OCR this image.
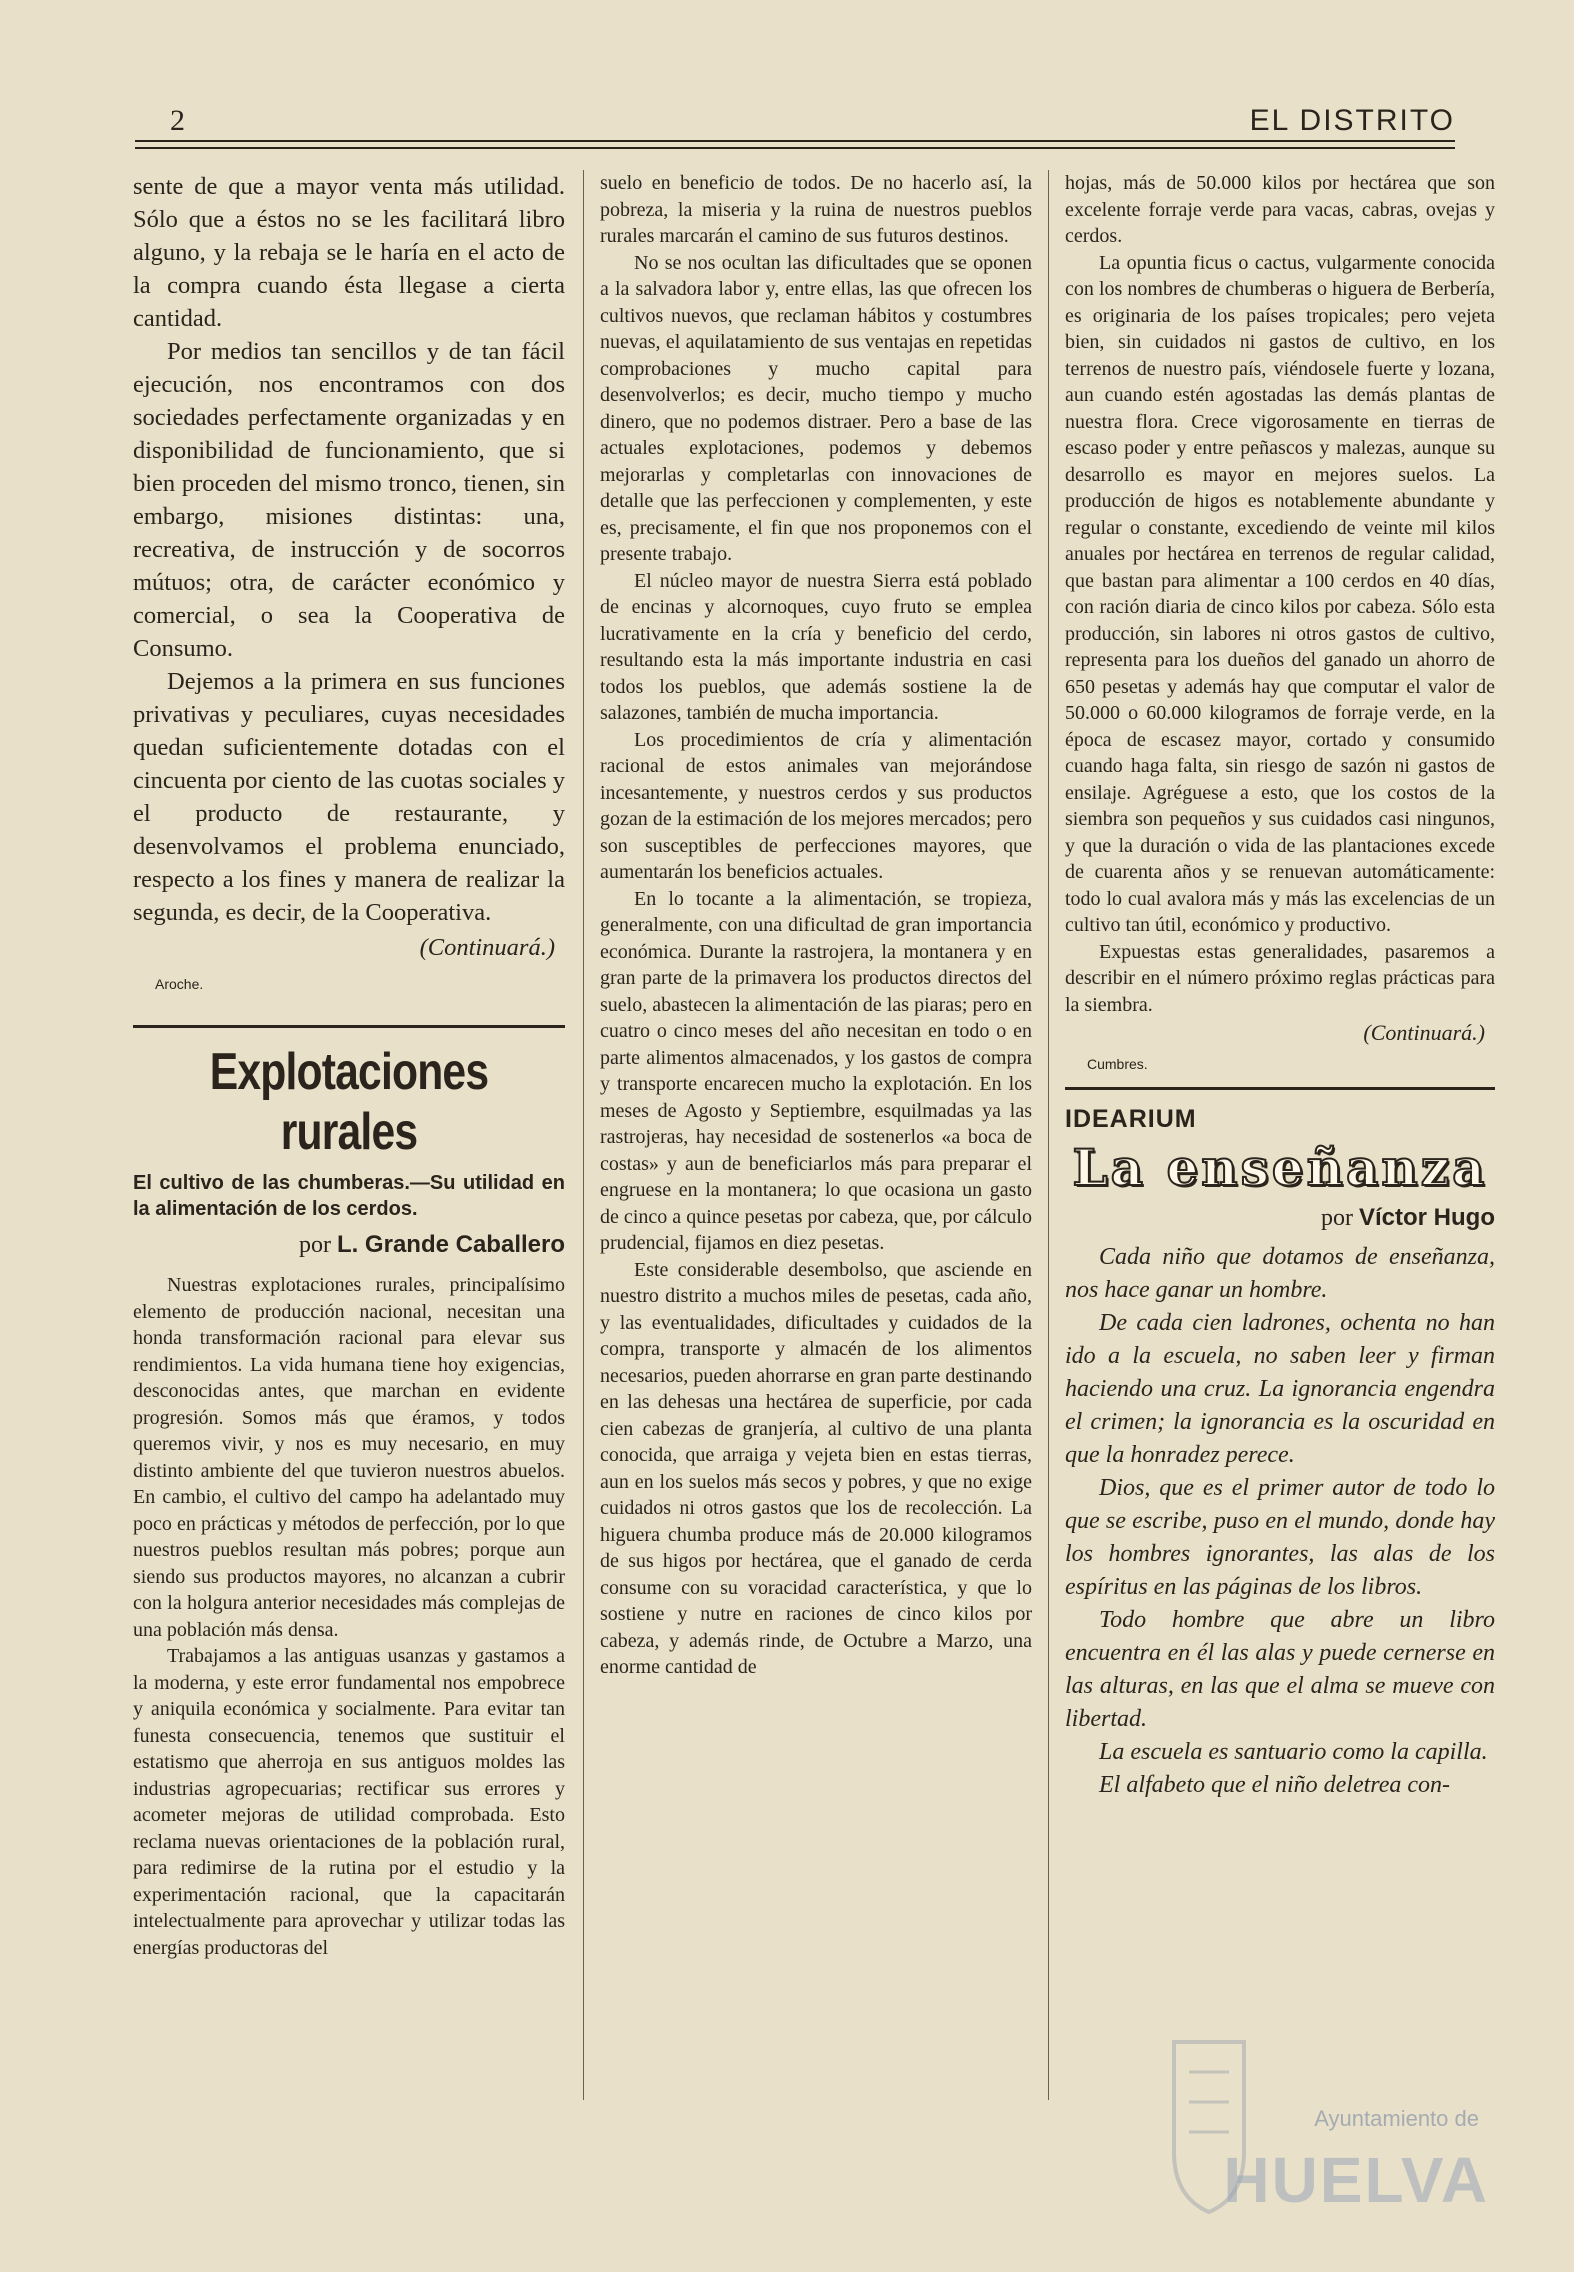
2	EL DISTRITO

sente de que a mayor venta más utilidad. Sólo que a éstos no se les facilitará libro alguno, y la rebaja se le haría en el acto de la compra cuando ésta llegase a cierta cantidad.

Por medios tan sencillos y de tan fácil ejecución, nos encontramos con dos sociedades perfectamente organizadas y en disponibilidad de funcionamiento, que si bien proceden del mismo tronco, tienen, sin embargo, misiones distintas: una, recreativa, de instrucción y de socorros mútuos; otra, de carácter económico y comercial, o sea la Cooperativa de Consumo.

Dejemos a la primera en sus funciones privativas y peculiares, cuyas necesidades quedan suficientemente dotadas con el cincuenta por ciento de las cuotas sociales y el producto de restaurante, y desenvolvamos el problema enunciado, respecto a los fines y manera de realizar la segunda, es decir, de la Cooperativa.

(Continuará.)
Aroche.
Explotaciones rurales
El cultivo de las chumberas.—Su utilidad en la alimentación de los cerdos.
por L. Grande Caballero

Nuestras explotaciones rurales, principalísimo elemento de producción nacional, necesitan una honda transformación racional para elevar sus rendimientos. La vida humana tiene hoy exigencias, desconocidas antes, que marchan en evidente progresión. Somos más que éramos, y todos queremos vivir, y nos es muy necesario, en muy distinto ambiente del que tuvieron nuestros abuelos. En cambio, el cultivo del campo ha adelantado muy poco en prácticas y métodos de perfección, por lo que nuestros pueblos resultan más pobres; porque aun siendo sus productos mayores, no alcanzan a cubrir con la holgura anterior necesidades más complejas de una población más densa.

Trabajamos a las antiguas usanzas y gastamos a la moderna, y este error fundamental nos empobrece y aniquila económica y socialmente. Para evitar tan funesta consecuencia, tenemos que sustituir el estatismo que aherroja en sus antiguos moldes las industrias agropecuarias; rectificar sus errores y acometer mejoras de utilidad comprobada. Esto reclama nuevas orientaciones de la población rural, para redimirse de la rutina por el estudio y la experimentación racional, que la capacitarán intelectualmente para aprovechar y utilizar todas las energías productoras del

suelo en beneficio de todos. De no hacerlo así, la pobreza, la miseria y la ruina de nuestros pueblos rurales marcarán el camino de sus futuros destinos.

No se nos ocultan las dificultades que se oponen a la salvadora labor y, entre ellas, las que ofrecen los cultivos nuevos, que reclaman hábitos y costumbres nuevas, el aquilatamiento de sus ventajas en repetidas comprobaciones y mucho capital para desenvolverlos; es decir, mucho tiempo y mucho dinero, que no podemos distraer. Pero a base de las actuales explotaciones, podemos y debemos mejorarlas y completarlas con innovaciones de detalle que las perfeccionen y complementen, y este es, precisamente, el fin que nos proponemos con el presente trabajo.

El núcleo mayor de nuestra Sierra está poblado de encinas y alcornoques, cuyo fruto se emplea lucrativamente en la cría y beneficio del cerdo, resultando esta la más importante industria en casi todos los pueblos, que además sostiene la de salazones, también de mucha importancia.

Los procedimientos de cría y alimentación racional de estos animales van mejorándose incesantemente, y nuestros cerdos y sus productos gozan de la estimación de los mejores mercados; pero son susceptibles de perfecciones mayores, que aumentarán los beneficios actuales.

En lo tocante a la alimentación, se tropieza, generalmente, con una dificultad de gran importancia económica. Durante la rastrojera, la montanera y en gran parte de la primavera los productos directos del suelo, abastecen la alimentación de las piaras; pero en cuatro o cinco meses del año necesitan en todo o en parte alimentos almacenados, y los gastos de compra y transporte encarecen mucho la explotación. En los meses de Agosto y Septiembre, esquilmadas ya las rastrojeras, hay necesidad de sostenerlos «a boca de costas» y aun de beneficiarlos más para preparar el engruese en la montanera; lo que ocasiona un gasto de cinco a quince pesetas por cabeza, que, por cálculo prudencial, fijamos en diez pesetas.

Este considerable desembolso, que asciende en nuestro distrito a muchos miles de pesetas, cada año, y las eventualidades, dificultades y cuidados de la compra, transporte y almacén de los alimentos necesarios, pueden ahorrarse en gran parte destinando en las dehesas una hectárea de superficie, por cada cien cabezas de granjería, al cultivo de una planta conocida, que arraiga y vejeta bien en estas tierras, aun en los suelos más secos y pobres, y que no exige cuidados ni otros gastos que los de recolección. La higuera chumba produce más de 20.000 kilogramos de sus higos por hectárea, que el ganado de cerda consume con su voracidad característica, y que lo sostiene y nutre en raciones de cinco kilos por cabeza, y además rinde, de Octubre a Marzo, una enorme cantidad de

hojas, más de 50.000 kilos por hectárea que son excelente forraje verde para vacas, cabras, ovejas y cerdos.

La opuntia ficus o cactus, vulgarmente conocida con los nombres de chumberas o higuera de Berbería, es originaria de los países tropicales; pero vejeta bien, sin cuidados ni gastos de cultivo, en los terrenos de nuestro país, viéndosele fuerte y lozana, aun cuando estén agostadas las demás plantas de nuestra flora. Crece vigorosamente en tierras de escaso poder y entre peñascos y malezas, aunque su desarrollo es mayor en mejores suelos. La producción de higos es notablemente abundante y regular o constante, excediendo de veinte mil kilos anuales por hectárea en terrenos de regular calidad, que bastan para alimentar a 100 cerdos en 40 días, con ración diaria de cinco kilos por cabeza. Sólo esta producción, sin labores ni otros gastos de cultivo, representa para los dueños del ganado un ahorro de 650 pesetas y además hay que computar el valor de 50.000 o 60.000 kilogramos de forraje verde, en la época de escasez mayor, cortado y consumido cuando haga falta, sin riesgo de sazón ni gastos de ensilaje. Agréguese a esto, que los costos de la siembra son pequeños y sus cuidados casi ningunos, y que la duración o vida de las plantaciones excede de cuarenta años y se renuevan automáticamente: todo lo cual avalora más y más las excelencias de un cultivo tan útil, económico y productivo.

Expuestas estas generalidades, pasaremos a describir en el número próximo reglas prácticas para la siembra.

(Continuará.)
Cumbres.
IDEARIUM
La enseñanza
por Víctor Hugo

Cada niño que dotamos de enseñanza, nos hace ganar un hombre.

De cada cien ladrones, ochenta no han ido a la escuela, no saben leer y firman haciendo una cruz. La ignorancia engendra el crimen; la ignorancia es la oscuridad en que la honradez perece.

Dios, que es el primer autor de todo lo que se escribe, puso en el mundo, donde hay los hombres ignorantes, las alas de los espíritus en las páginas de los libros.

Todo hombre que abre un libro encuentra en él las alas y puede cernerse en las alturas, en las que el alma se mueve con libertad.

La escuela es santuario como la capilla.

El alfabeto que el niño deletrea con-

Ayuntamiento de
HUELVA
